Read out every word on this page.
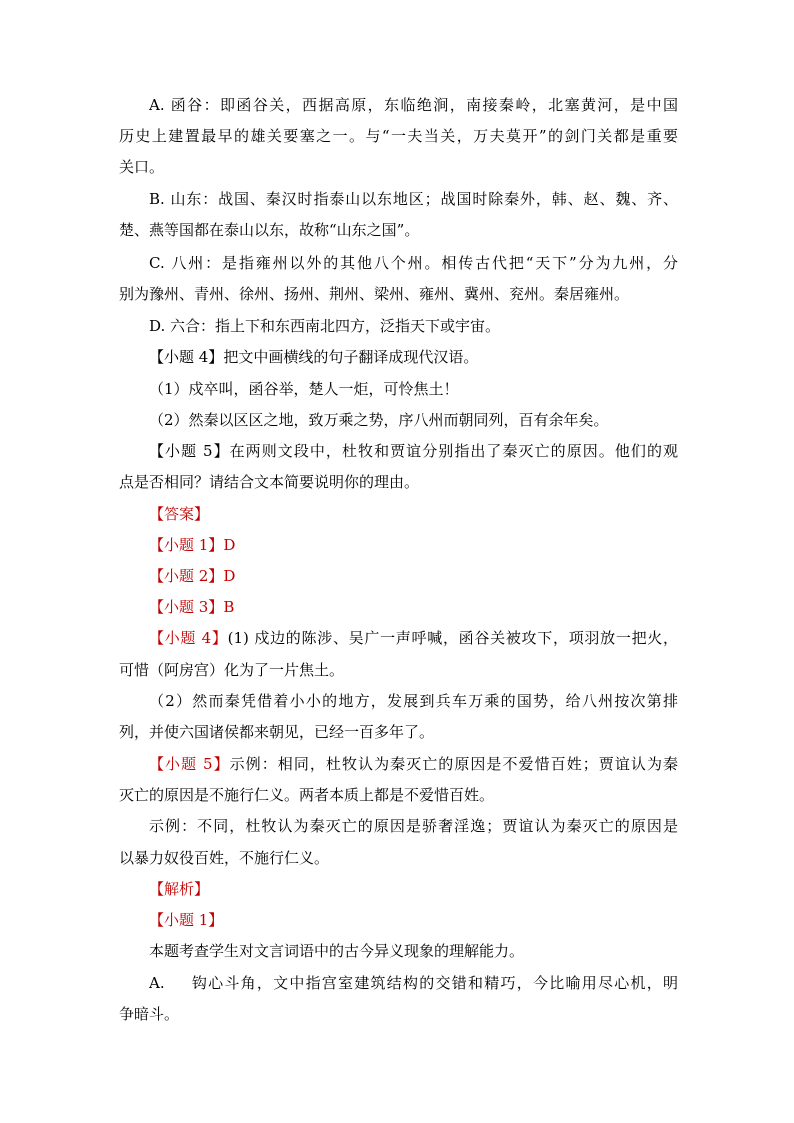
A. 函谷：即函谷关，西据高原，东临绝涧，南接秦岭，北塞黄河，是中国
历史上建置最早的雄关要塞之一。与“一夫当关，万夫莫开”的剑门关都是重要
关口。
B. 山东：战国、秦汉时指泰山以东地区；战国时除秦外，韩、赵、魏、齐、
楚、燕等国都在泰山以东，故称“山东之国”。
C. 八州：是指雍州以外的其他八个州。相传古代把“天下”分为九州，分
别为豫州、青州、徐州、扬州、荆州、梁州、雍州、冀州、兖州。秦居雍州。
D. 六合：指上下和东西南北四方，泛指天下或宇宙。
【小题 4】把文中画横线的句子翻译成现代汉语。
（1）戍卒叫，函谷举，楚人一炬，可怜焦土！
（2）然秦以区区之地，致万乘之势，序八州而朝同列，百有余年矣。
【小题 5】在两则文段中，杜牧和贾谊分别指出了秦灭亡的原因。他们的观
点是否相同？请结合文本简要说明你的理由。
【答案】
【小题 1】D
【小题 2】D
【小题 3】B
【小题 4】(1) 戍边的陈涉、吴广一声呼喊，函谷关被攻下，项羽放一把火，
可惜（阿房宫）化为了一片焦土。
（2）然而秦凭借着小小的地方，发展到兵车万乘的国势，给八州按次第排
列，并使六国诸侯都来朝见，已经一百多年了。
【小题 5】示例：相同，杜牧认为秦灭亡的原因是不爱惜百姓；贾谊认为秦
灭亡的原因是不施行仁义。两者本质上都是不爱惜百姓。
示例：不同，杜牧认为秦灭亡的原因是骄奢淫逸；贾谊认为秦灭亡的原因是
以暴力奴役百姓，不施行仁义。
【解析】
【小题 1】
本题考查学生对文言词语中的古今异义现象的理解能力。
A. 钩心斗角，文中指宫室建筑结构的交错和精巧，今比喻用尽心机，明
争暗斗。
